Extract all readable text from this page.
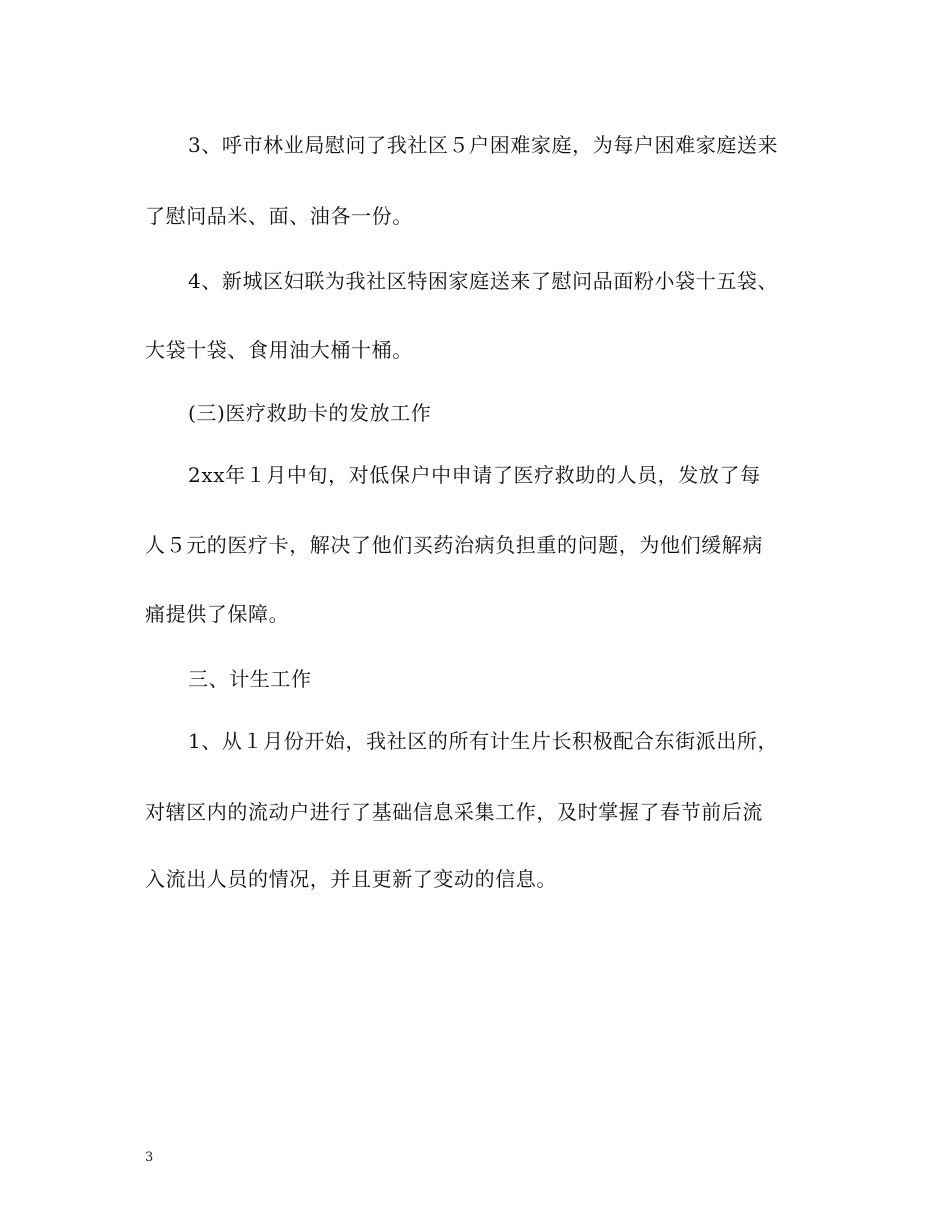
3、呼市林业局慰问了我社区５户困难家庭，为每户困难家庭送来
了慰问品米、面、油各一份。
4、新城区妇联为我社区特困家庭送来了慰问品面粉小袋十五袋、
大袋十袋、食用油大桶十桶。
(三)医疗救助卡的发放工作
2xx年１月中旬，对低保户中申请了医疗救助的人员，发放了每
人５元的医疗卡，解决了他们买药治病负担重的问题，为他们缓解病
痛提供了保障。
三、计生工作
1、从１月份开始，我社区的所有计生片长积极配合东街派出所，
对辖区内的流动户进行了基础信息采集工作，及时掌握了春节前后流
入流出人员的情况，并且更新了变动的信息。
3
